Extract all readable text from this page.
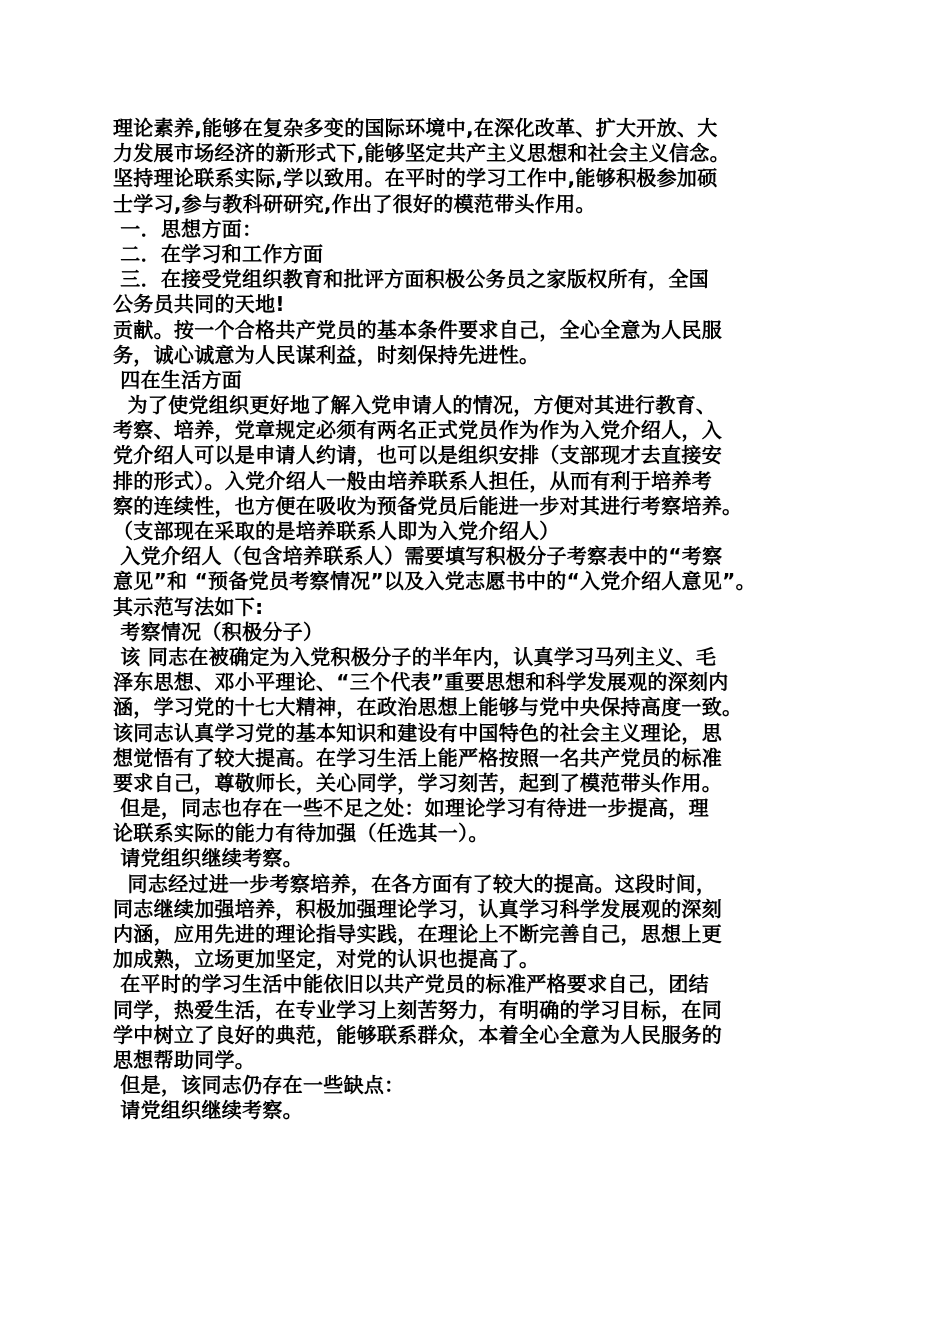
理论素养,能够在复杂多变的国际环境中,在深化改革、扩大开放、大
力发展市场经济的新形式下,能够坚定共产主义思想和社会主义信念。
坚持理论联系实际,学以致用。在平时的学习工作中,能够积极参加硕
士学习,参与教科研研究,作出了很好的模范带头作用。
一．思想方面：
二．在学习和工作方面
三．在接受党组织教育和批评方面积极公务员之家版权所有，全国
公务员共同的天地!
贡献。按一个合格共产党员的基本条件要求自己，全心全意为人民服
务，诚心诚意为人民谋利益，时刻保持先进性。
四在生活方面
为了使党组织更好地了解入党申请人的情况，方便对其进行教育、
考察、培养，党章规定必须有两名正式党员作为作为入党介绍人，入
党介绍人可以是申请人约请，也可以是组织安排（支部现才去直接安
排的形式）。入党介绍人一般由培养联系人担任，从而有利于培养考
察的连续性，也方便在吸收为预备党员后能进一步对其进行考察培养。
（支部现在采取的是培养联系人即为入党介绍人）
入党介绍人（包含培养联系人）需要填写积极分子考察表中的“考察
意见”和 “预备党员考察情况”以及入党志愿书中的“入党介绍人意见”。
其示范写法如下:
考察情况（积极分子）
该 同志在被确定为入党积极分子的半年内，认真学习马列主义、毛
泽东思想、邓小平理论、“三个代表”重要思想和科学发展观的深刻内
涵，学习党的十七大精神，在政治思想上能够与党中央保持高度一致。
该同志认真学习党的基本知识和建设有中国特色的社会主义理论，思
想觉悟有了较大提高。在学习生活上能严格按照一名共产党员的标准
要求自己，尊敬师长，关心同学，学习刻苦，起到了模范带头作用。
但是，同志也存在一些不足之处：如理论学习有待进一步提高，理
论联系实际的能力有待加强（任选其一）。
请党组织继续考察。
同志经过进一步考察培养，在各方面有了较大的提高。这段时间，
同志继续加强培养，积极加强理论学习，认真学习科学发展观的深刻
内涵，应用先进的理论指导实践，在理论上不断完善自己，思想上更
加成熟，立场更加坚定，对党的认识也提高了。
在平时的学习生活中能依旧以共产党员的标准严格要求自己，团结
同学，热爱生活，在专业学习上刻苦努力，有明确的学习目标，在同
学中树立了良好的典范，能够联系群众，本着全心全意为人民服务的
思想帮助同学。
但是，该同志仍存在一些缺点：
请党组织继续考察。
